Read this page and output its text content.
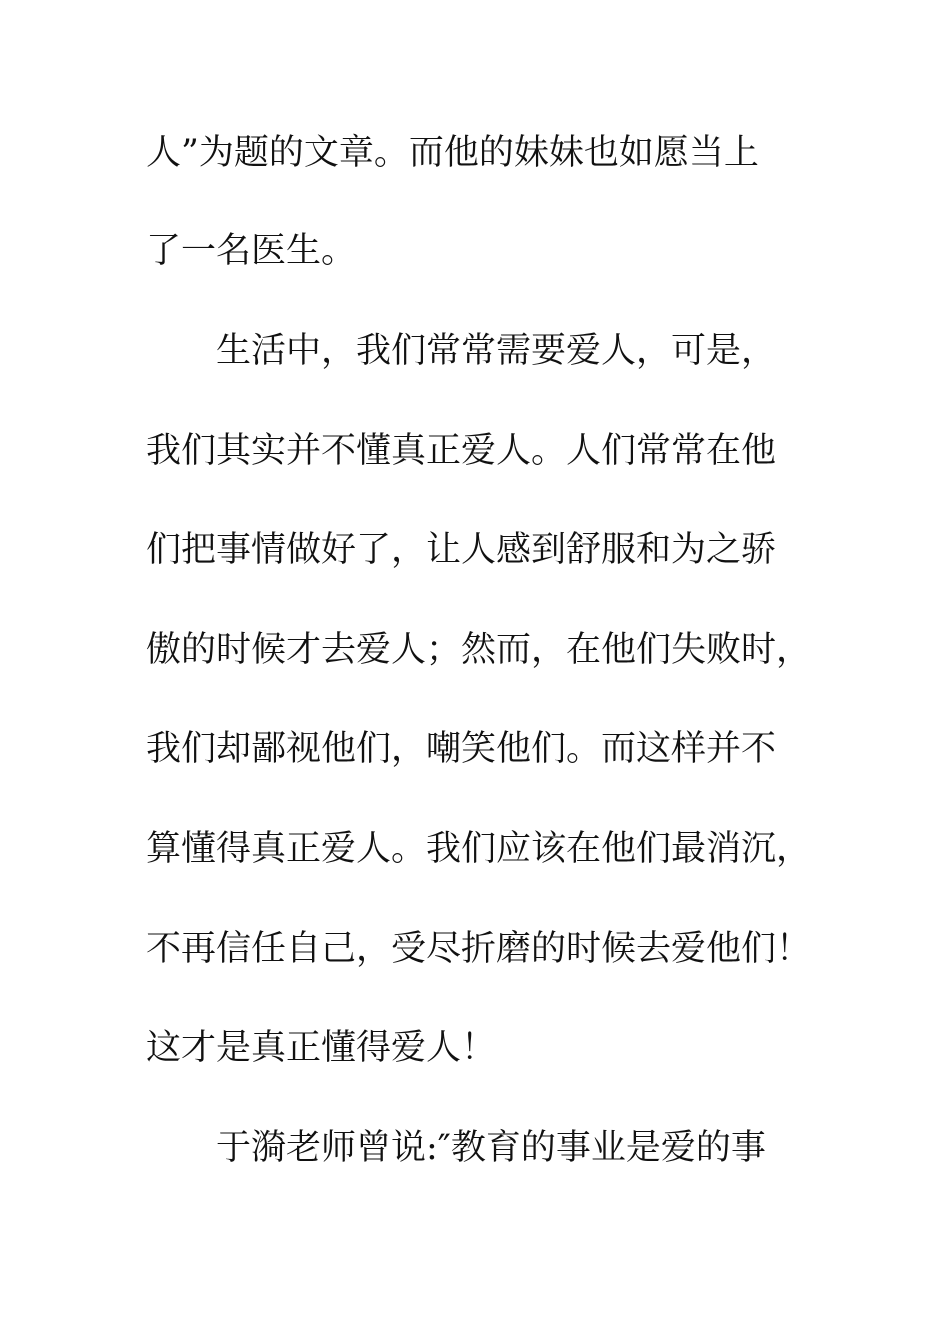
人”为题的文章。而他的妹妹也如愿当上
了一名医生。
生活中，我们常常需要爱人，可是，
我们其实并不懂真正爱人。人们常常在他
们把事情做好了，让人感到舒服和为之骄
傲的时候才去爱人；然而，在他们失败时，
我们却鄙视他们，嘲笑他们。而这样并不
算懂得真正爱人。我们应该在他们最消沉，
不再信任自己，受尽折磨的时候去爱他们！
这才是真正懂得爱人！
于漪老师曾说:″教育的事业是爱的事
